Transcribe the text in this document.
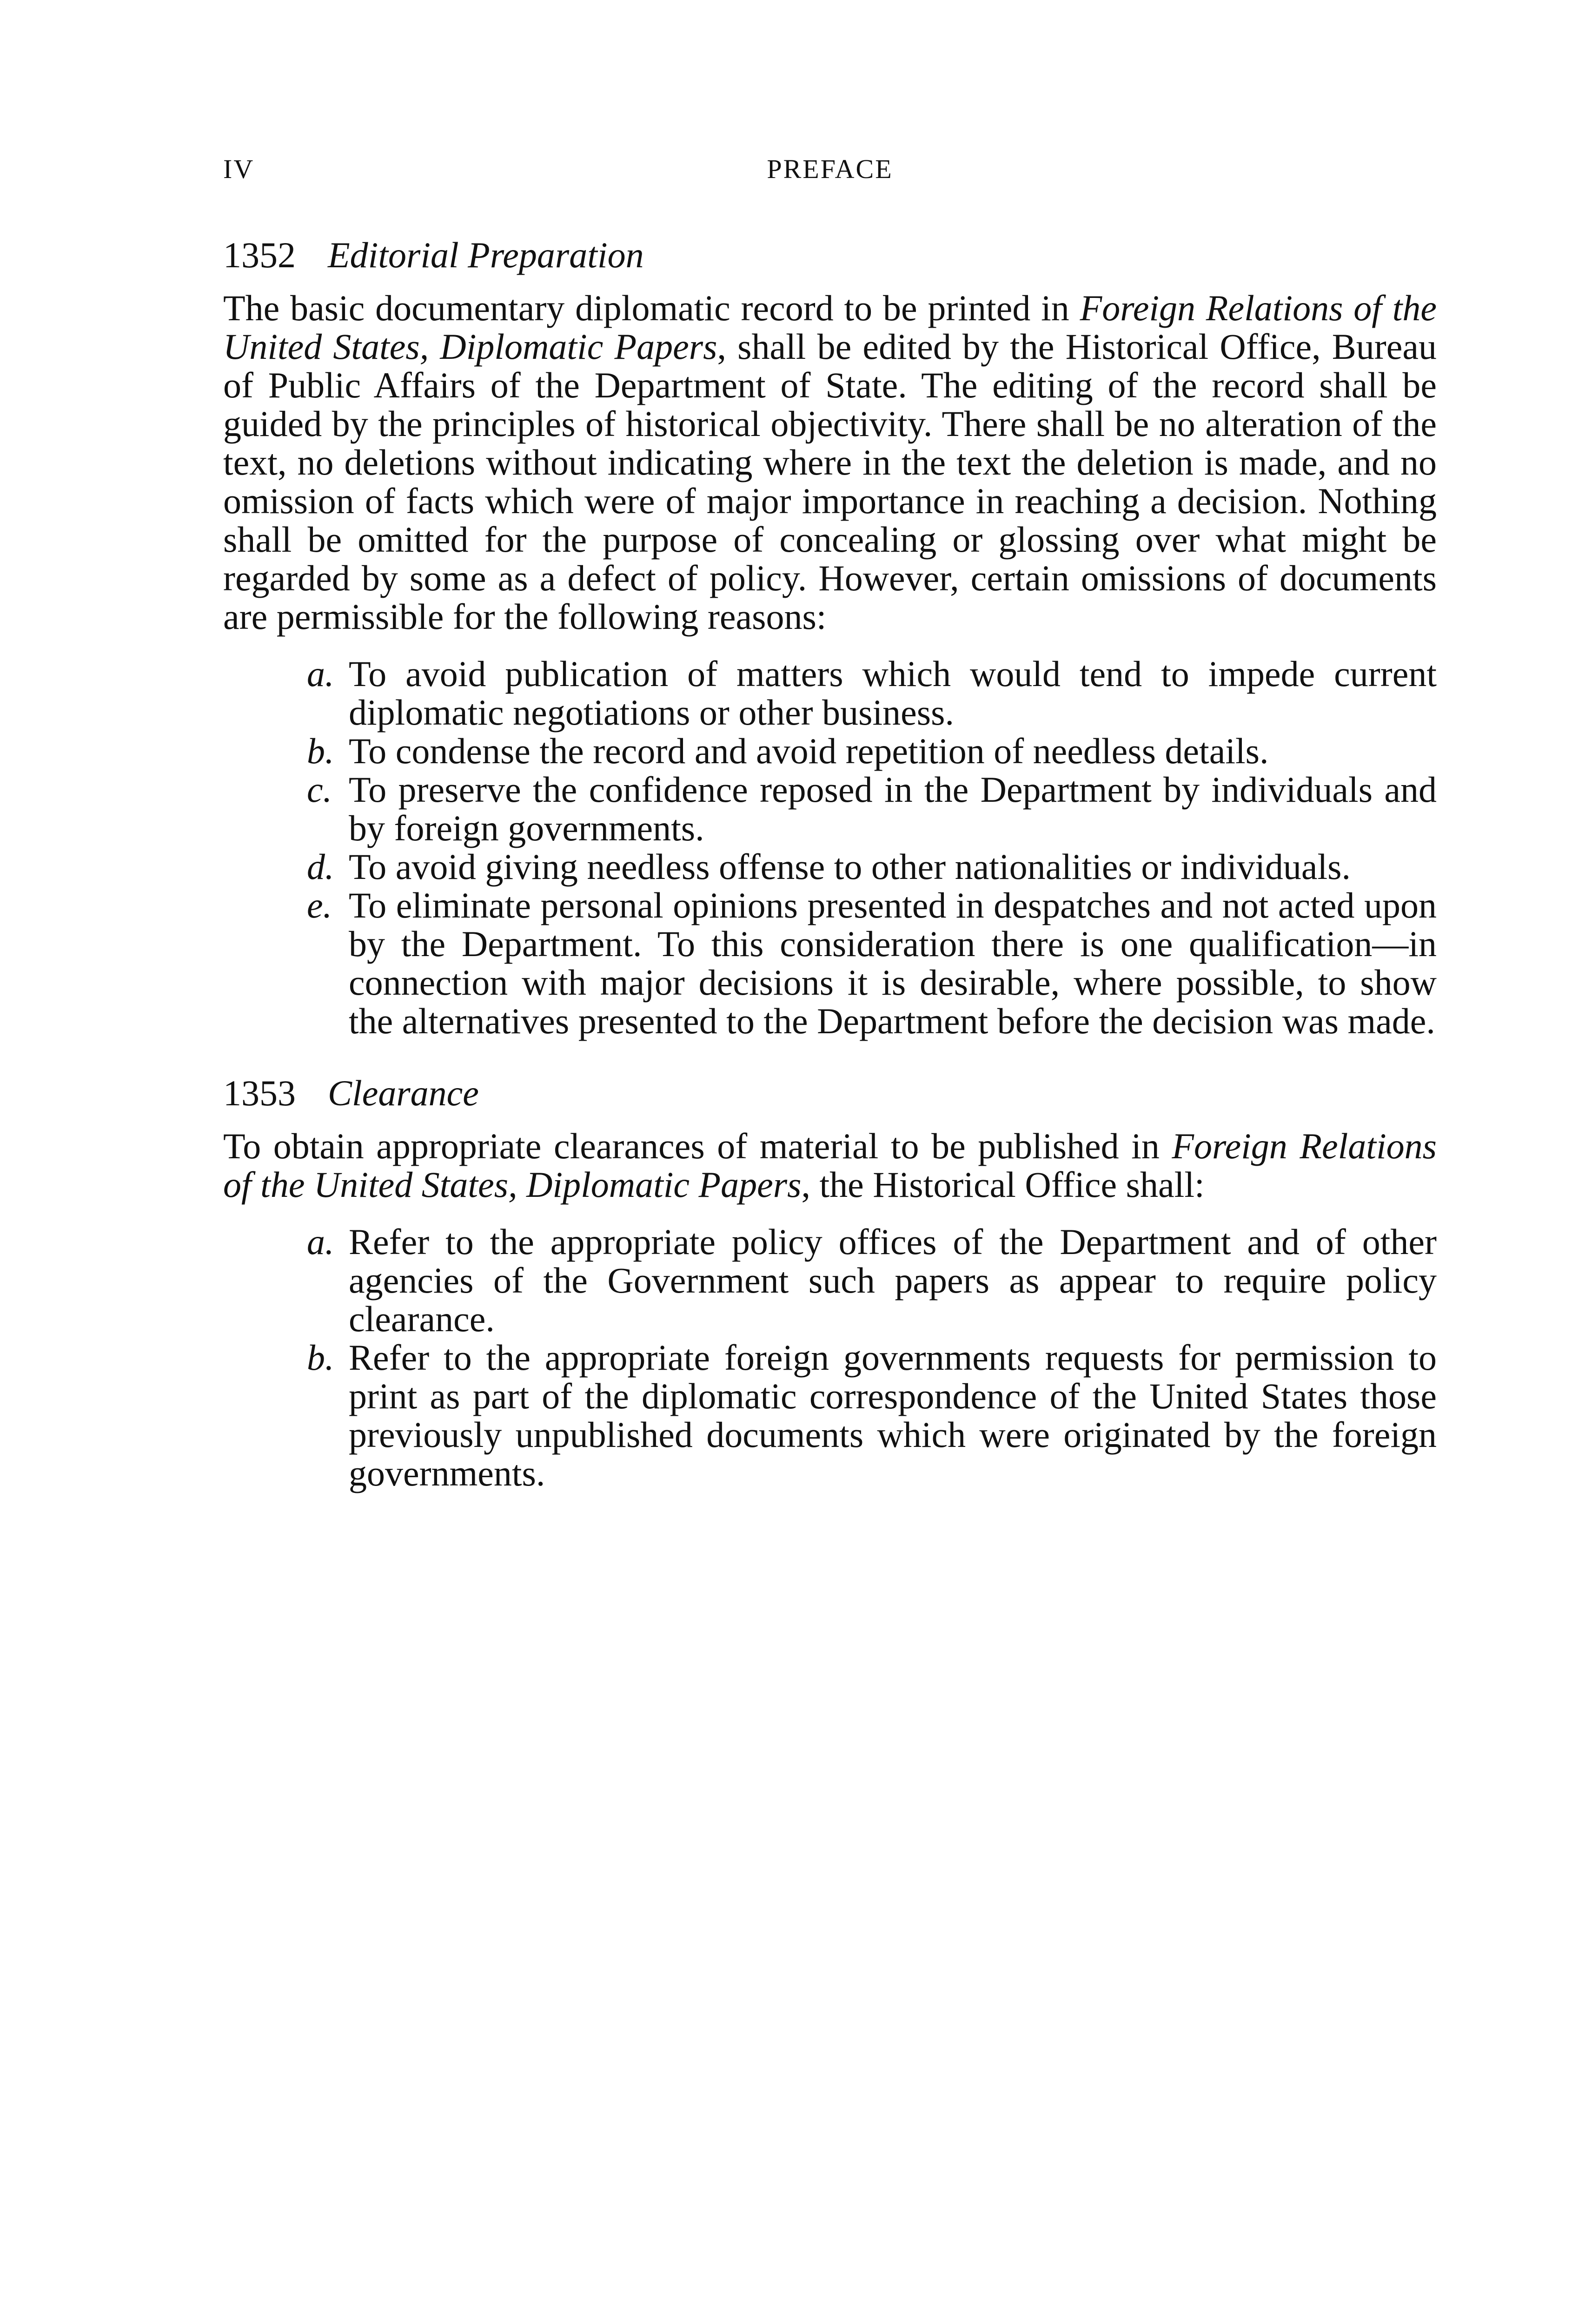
IV	PREFACE
1352 Editorial Preparation

The basic documentary diplomatic record to be printed in Foreign Relations of the United States, Diplomatic Papers, shall be edited by the Historical Office, Bureau of Public Affairs of the Department of State. The editing of the record shall be guided by the principles of historical objectivity. There shall be no alteration of the text, no deletions without indicating where in the text the deletion is made, and no omission of facts which were of major importance in reaching a decision. Nothing shall be omitted for the purpose of concealing or glossing over what might be regarded by some as a defect of policy. However, certain omissions of documents are permissible for the following reasons:

a. To avoid publication of matters which would tend to impede current diplomatic negotiations or other business.
b. To condense the record and avoid repetition of needless details.
c. To preserve the confidence reposed in the Department by individuals and by foreign governments.
d. To avoid giving needless offense to other nationalities or individuals.
e. To eliminate personal opinions presented in despatches and not acted upon by the Department. To this consideration there is one qualification—in connection with major decisions it is desirable, where possible, to show the alternatives presented to the Department before the decision was made.
1353 Clearance

To obtain appropriate clearances of material to be published in Foreign Relations of the United States, Diplomatic Papers, the Historical Office shall:

a. Refer to the appropriate policy offices of the Department and of other agencies of the Government such papers as appear to require policy clearance.
b. Refer to the appropriate foreign governments requests for permission to print as part of the diplomatic correspondence of the United States those previously unpublished documents which were originated by the foreign governments.
